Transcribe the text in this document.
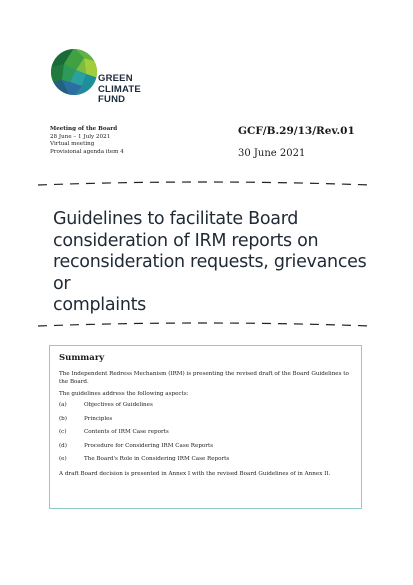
GREEN
CLIMATE
FUND
Meeting of the Board
28 June – 1 July 2021
Virtual meeting
Provisional agenda item 4
GCF/B.29/13/Rev.01
30 June 2021
Guidelines to facilitate Board
consideration of IRM reports on
reconsideration requests, grievances or
complaints
Summary

The Independent Redress Mechanism (IRM) is presenting the revised draft of the Board Guidelines to the Board.

The guidelines address the following aspects:

(a)	Objectives of Guidelines
(b)	Principles
(c)	Contents of IRM Case reports
(d)	Procedure for Considering IRM Case Reports
(e)	The Board's Role in Considering IRM Case Reports

A draft Board decision is presented in Annex I with the revised Board Guidelines of in Annex II.
